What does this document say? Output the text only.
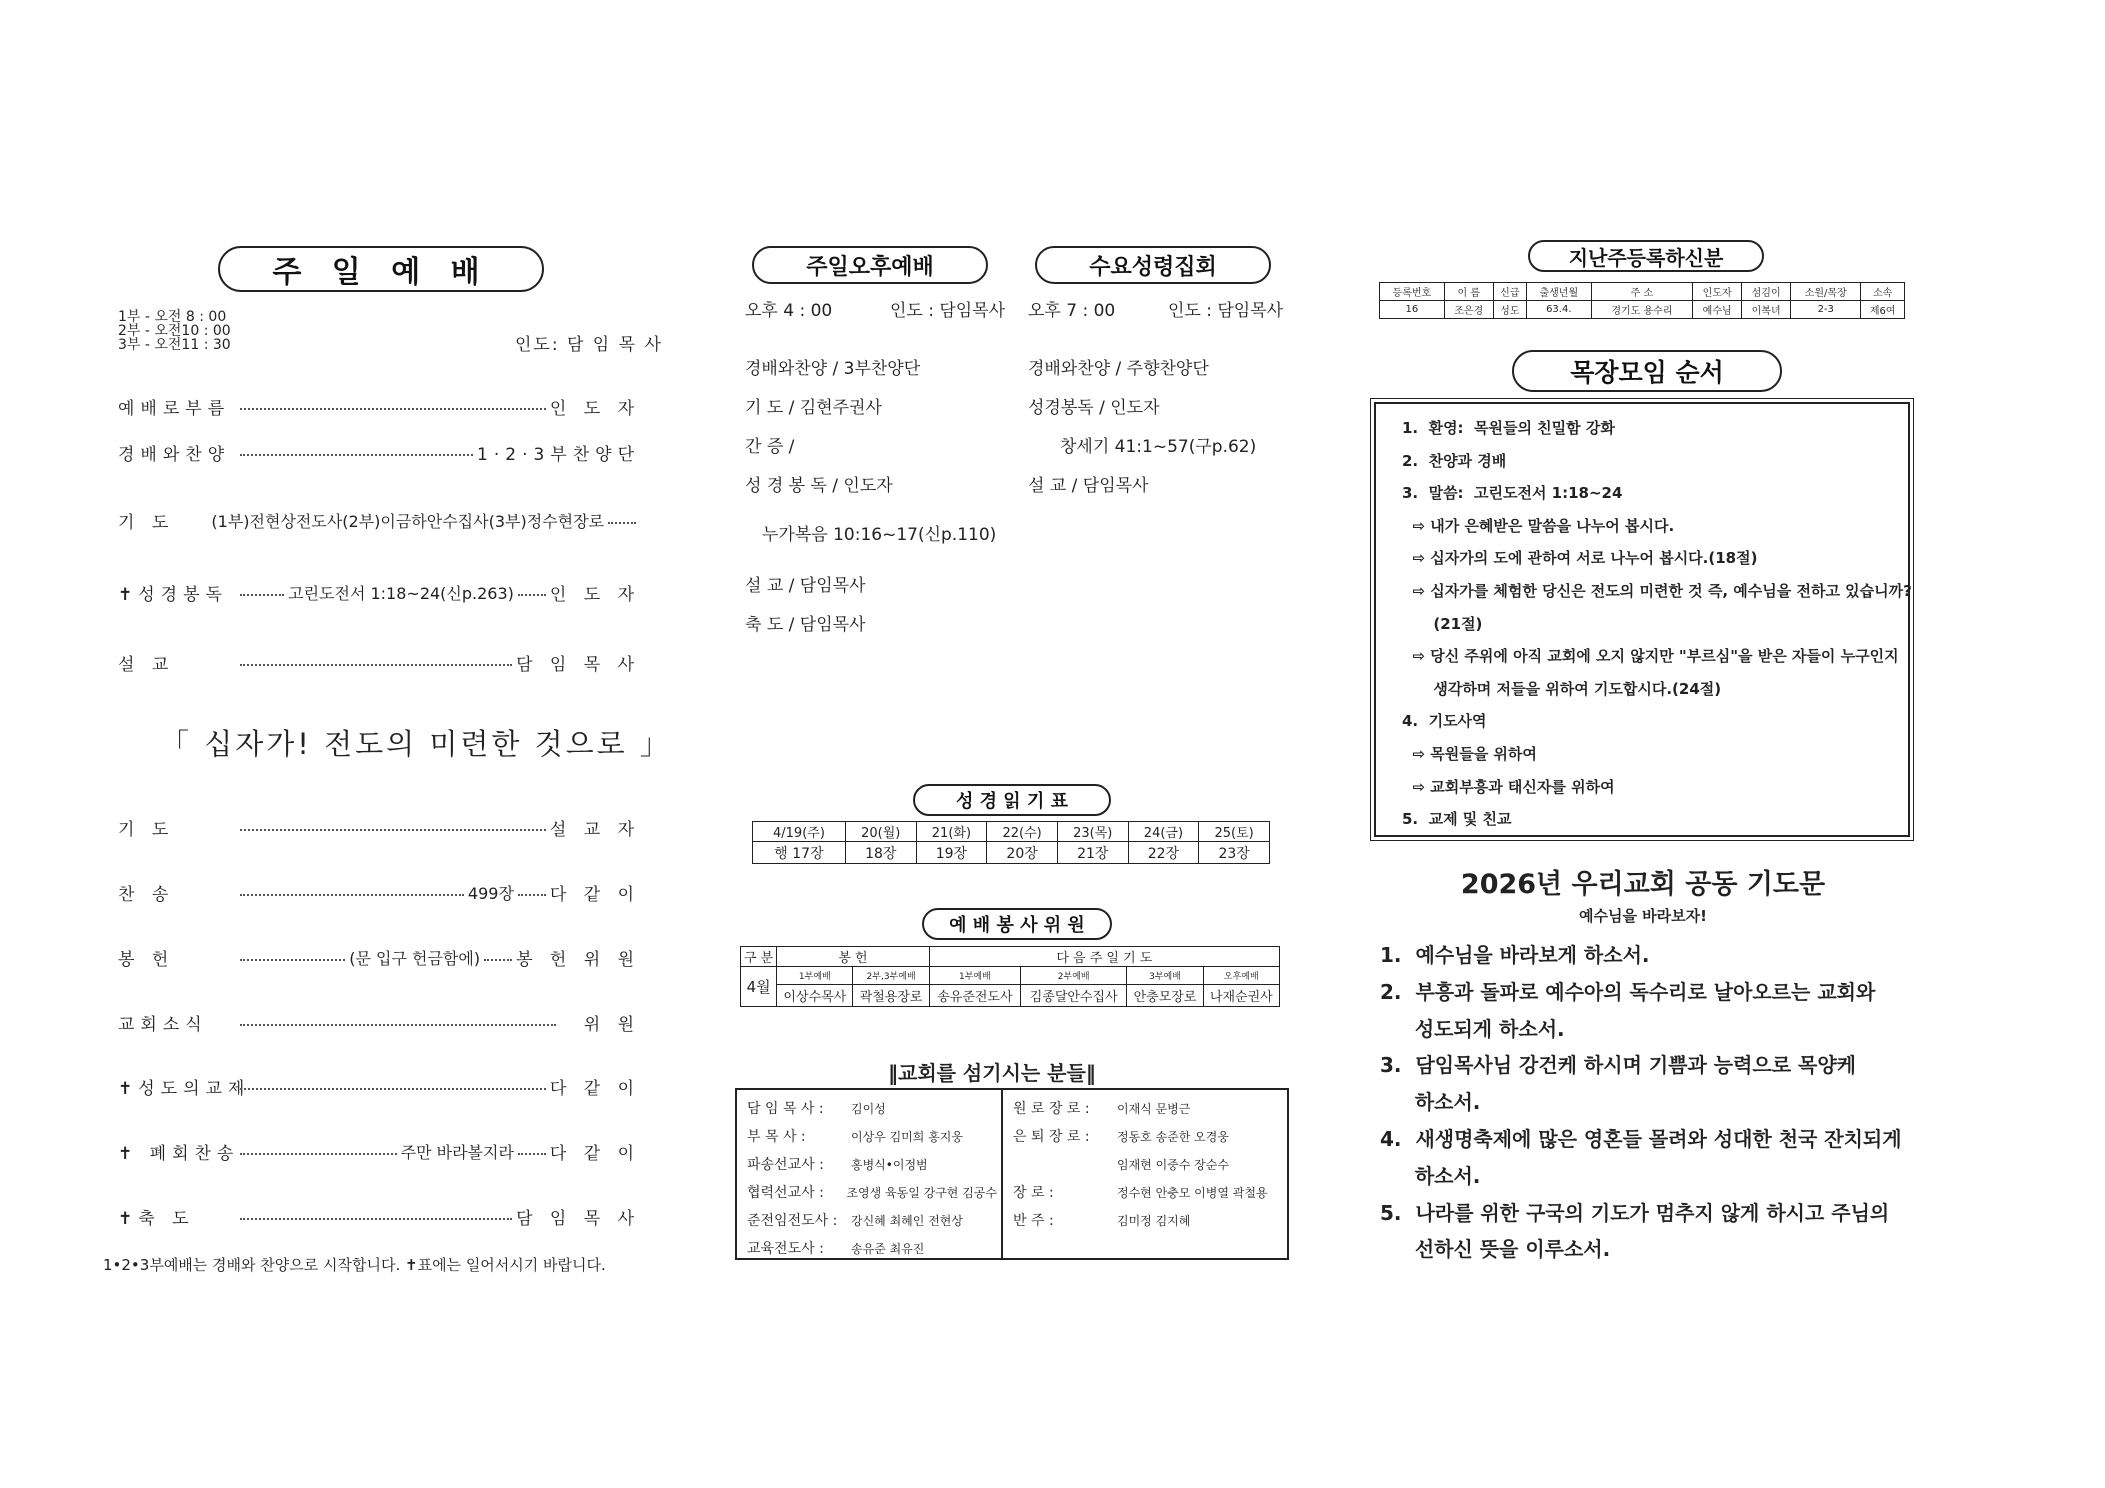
주 일 예 배
1부 - 오전 8 : 00
2부 - 오전10 : 00
3부 - 오전11 : 30	인도: 담 임 목 사
예배로부름	인 도 자
경배와찬양	1·2·3부찬양단
기 도	(1부)전현상전도사(2부)이금하안수집사(3부)정수현장로
✝성경봉독	고린도전서 1:18~24(신p.263) 인 도 자
설 교	담 임 목 사
「 십자가! 전도의 미련한 것으로 」
기 도	설 교 자
찬 송	499장 다 같 이
봉 헌	(문 입구 헌금함에) 봉 헌 위 원
교회소식	위 원
✝성도의교제	다 같 이
✝ 폐회찬송	주만 바라볼지라 다 같 이
✝축 도	담 임 목 사
1•2•3부예배는 경배와 찬양으로 시작합니다. ✝표에는 일어서시기 바랍니다.
주일오후예배	수요성령집회
오후 4 : 00	인도 : 담임목사 오후 7 : 00	인도 : 담임목사
경배와찬양 / 3부찬양단
기 도 / 김현주권사
간 증 /
성 경 봉 독 / 인도자
누가복음 10:16~17(신p.110)
설 교 / 담임목사
축 도 / 담임목사
경배와찬양 / 주향찬양단
성경봉독 / 인도자
창세기 41:1~57(구p.62)
설 교 / 담임목사
성 경 읽 기 표
4/19(주)	20(월)	21(화)	22(수)	23(목)	24(금)	25(토)
행 17장	18장	19장	20장	21장	22장	23장
예 배 봉 사 위 원
구 분	봉 헌		다 음 주 일 기 도			
4월	1부예배	2부,3부예배	1부예배	2부예배	3부예배	오후예배
	이상수목사	곽철용장로	송유준전도사	김종달안수집사	안충모장로	나재순권사
‖교회를 섬기시는 분들‖
담 임 목 사 :	김이성
부 목 사 :	이상우 김미희 홍지웅
파송선교사 :	홍병식•이정범
협력선교사 :	조영생 육동일 강구현 김공수
준전임전도사 :	강신혜 최혜인 전현상
교육전도사 :	송유준 최유진
원 로 장 로 :	이재식 문병근
은 퇴 장 로 :	정동호 송준한 오경웅
임재현 이중수 장순수
장 로 :	정수현 안충모 이병열 곽철용
반 주 :	김미정 김지혜
지난주등록하신분
등록번호	이 름	신급	출생년월	주 소	인도자	섬김이	소원/목장	소속
16	조은경	성도	63.4.	경기도 용수리	예수님	이복녀	2-3	제6여
목장모임 순서
1.  환영:  목원들의 친밀함 강화
2.  찬양과 경배
3.  말씀:  고린도전서 1:18~24
⇨ 내가 은혜받은 말씀을 나누어 봅시다.
⇨ 십자가의 도에 관하여 서로 나누어 봅시다.(18절)
⇨ 십자가를 체험한 당신은 전도의 미련한 것 즉, 예수님을 전하고 있습니까?
(21절)
⇨ 당신 주위에 아직 교회에 오지 않지만 "부르심"을 받은 자들이 누구인지
생각하며 저들을 위하여 기도합시다.(24절)
4.  기도사역
⇨ 목원들을 위하여
⇨ 교회부흥과 태신자를 위하여
5.  교제 및 친교
2026년 우리교회 공동 기도문
예수님을 바라보자!
1.  예수님을 바라보게 하소서.
2.  부흥과 돌파로 예수아의 독수리로 날아오르는 교회와
성도되게 하소서.
3.  담임목사님 강건케 하시며 기쁨과 능력으로 목양케
하소서.
4.  새생명축제에 많은 영혼들 몰려와 성대한 천국 잔치되게
하소서.
5.  나라를 위한 구국의 기도가 멈추지 않게 하시고 주님의
선하신 뜻을 이루소서.
